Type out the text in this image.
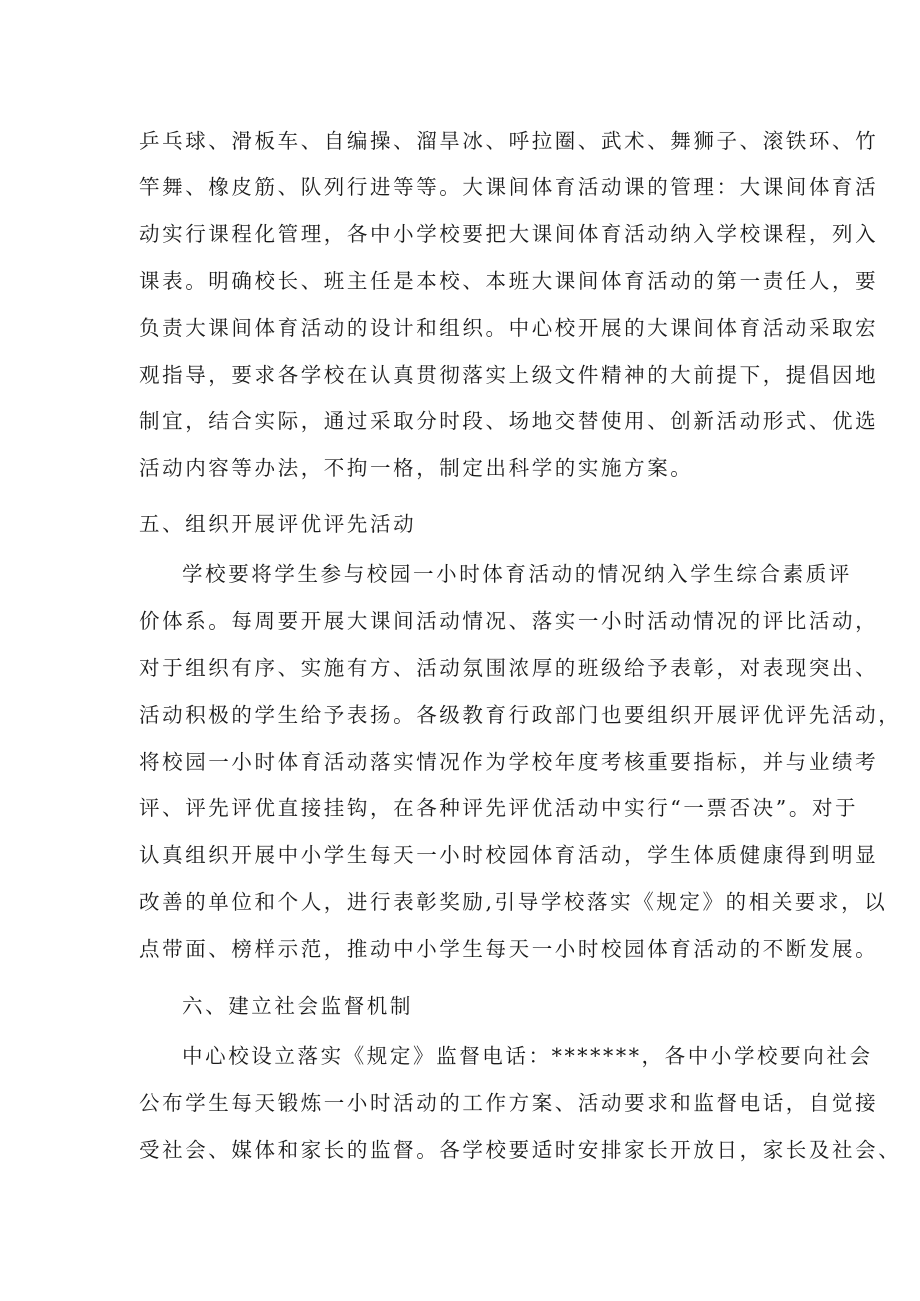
乒乓球、滑板车、自编操、溜旱冰、呼拉圈、武术、舞狮子、滚铁环、竹
竿舞、橡皮筋、队列行进等等。大课间体育活动课的管理：大课间体育活
动实行课程化管理，各中小学校要把大课间体育活动纳入学校课程，列入
课表。明确校长、班主任是本校、本班大课间体育活动的第一责任人，要
负责大课间体育活动的设计和组织。中心校开展的大课间体育活动采取宏
观指导，要求各学校在认真贯彻落实上级文件精神的大前提下，提倡因地
制宜，结合实际，通过采取分时段、场地交替使用、创新活动形式、优选
活动内容等办法，不拘一格，制定出科学的实施方案。
五、组织开展评优评先活动
学校要将学生参与校园一小时体育活动的情况纳入学生综合素质评
价体系。每周要开展大课间活动情况、落实一小时活动情况的评比活动，
对于组织有序、实施有方、活动氛围浓厚的班级给予表彰，对表现突出、
活动积极的学生给予表扬。各级教育行政部门也要组织开展评优评先活动，
将校园一小时体育活动落实情况作为学校年度考核重要指标，并与业绩考
评、评先评优直接挂钩，在各种评先评优活动中实行“一票否决”。对于
认真组织开展中小学生每天一小时校园体育活动，学生体质健康得到明显
改善的单位和个人，进行表彰奖励,引导学校落实《规定》的相关要求，以
点带面、榜样示范，推动中小学生每天一小时校园体育活动的不断发展。
六、建立社会监督机制
中心校设立落实《规定》监督电话：*******，各中小学校要向社会
公布学生每天锻炼一小时活动的工作方案、活动要求和监督电话，自觉接
受社会、媒体和家长的监督。各学校要适时安排家长开放日，家长及社会、
